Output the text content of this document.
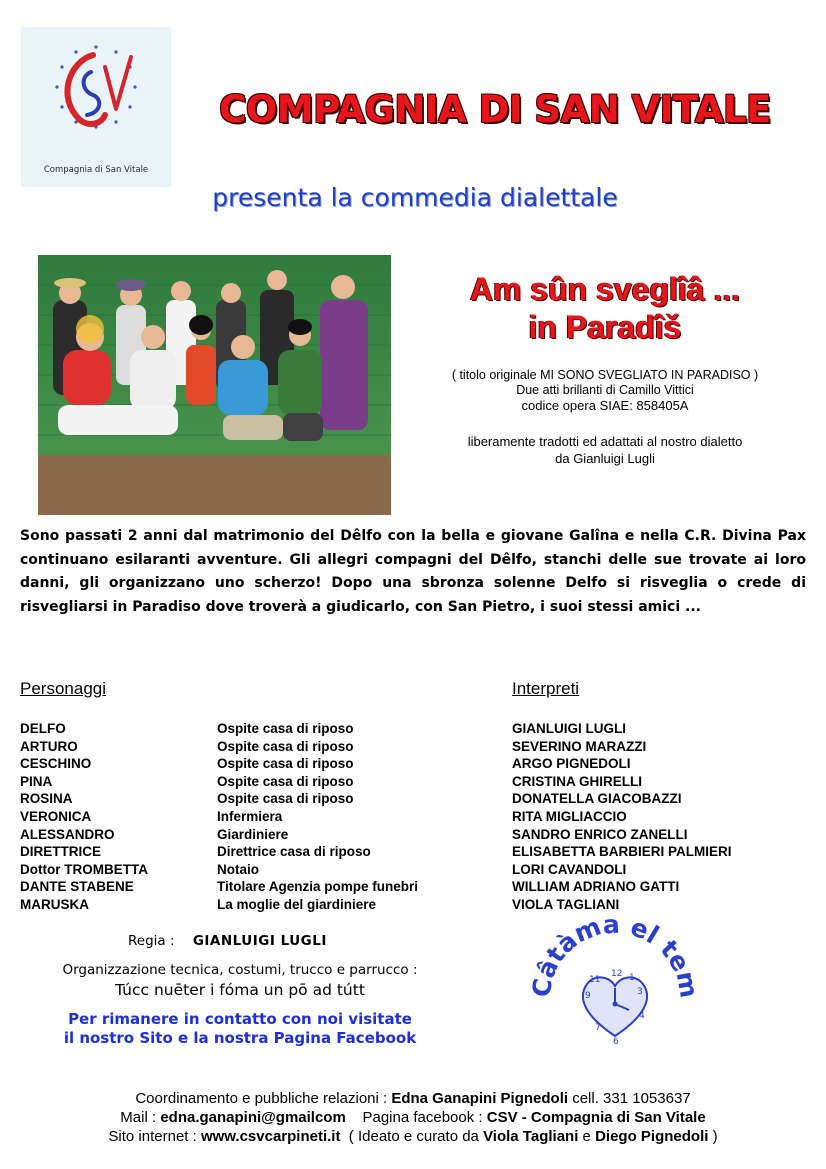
Compagnia di San Vitale
COMPAGNIA DI SAN VITALE
presenta la commedia dialettale
Am sûn sveglîâ ...
in Paradîš
( titolo originale MI SONO SVEGLIATO IN PARADISO )
Due atti brillanti di Camillo Vittici
codice opera SIAE: 858405A
liberamente tradotti ed adattati al nostro dialetto
da Gianluigi Lugli
Sono passati 2 anni dal matrimonio del Dêlfo con la bella e giovane Galîna e nella C.R. Divina Pax continuano esilaranti avventure. Gli allegri compagni del Dêlfo, stanchi delle sue trovate ai loro danni, gli organizzano uno scherzo! Dopo una sbronza solenne Delfo si risveglia o crede di risvegliarsi in Paradiso dove troverà a giudicarlo, con San Pietro, i suoi stessi amici ...
Personaggi	Interpreti
DELFO
ARTURO
CESCHINO
PINA
ROSINA
VERONICA
ALESSANDRO
DIRETTRICE
Dottor TROMBETTA
DANTE STABENE
MARUSKA
Ospite casa di riposo
Ospite casa di riposo
Ospite casa di riposo
Ospite casa di riposo
Ospite casa di riposo
Infermiera
Giardiniere
Direttrice casa di riposo
Notaio
Titolare Agenzia pompe funebri
La moglie del giardiniere
GIANLUIGI LUGLI
SEVERINO MARAZZI
ARGO PIGNEDOLI
CRISTINA GHIRELLI
DONATELLA GIACOBAZZI
RITA MIGLIACCIO
SANDRO ENRICO ZANELLI
ELISABETTA BARBIERI PALMIERI
LORI CAVANDOLI
WILLIAM ADRIANO GATTI
VIOLA TAGLIANI
Regia : GIANLUIGI LUGLI
Organizzazione tecnica, costumi, trucco e parrucco :
Túcc nuēter i fóma un pō ad tútt
Per rimanere in contatto con noi visitate
il nostro Sito e la nostra Pagina Facebook
Câtàma el tem
12
3
6
9
1
4
7
11
Coordinamento e pubbliche relazioni : Edna Ganapini Pignedoli cell. 331 1053637
Mail : edna.ganapini@gmailcom    Pagina facebook : CSV - Compagnia di San Vitale
Sito internet : www.csvcarpineti.it  ( Ideato e curato da Viola Tagliani e Diego Pignedoli )
